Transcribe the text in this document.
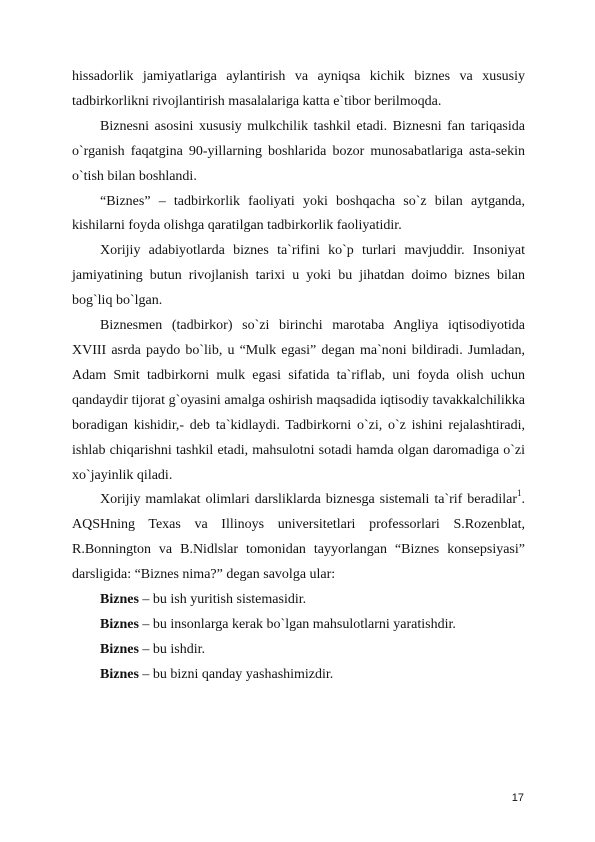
hissadorlik jamiyatlariga aylantirish va ayniqsa kichik biznes va xususiy tadbirkorlikni rivojlantirish masalalariga katta e`tibor berilmoqda.

Biznesni asosini xususiy mulkchilik tashkil etadi. Biznesni fan tariqasida o`rganish faqatgina 90-yillarning boshlarida bozor munosabatlariga asta-sekin o`tish bilan boshlandi.

“Biznes” – tadbirkorlik faoliyati yoki boshqacha so`z bilan aytganda, kishilarni foyda olishga qaratilgan tadbirkorlik faoliyatidir.

Xorijiy adabiyotlarda biznes ta`rifini ko`p turlari mavjuddir. Insoniyat jamiyatining butun rivojlanish tarixi u yoki bu jihatdan doimo biznes bilan bog`liq bo`lgan.

Biznesmen (tadbirkor) so`zi birinchi marotaba Angliya iqtisodiyotida XVIII asrda paydo bo`lib, u “Mulk egasi” degan ma`noni bildiradi. Jumladan, Adam Smit tadbirkorni mulk egasi sifatida ta`riflab, uni foyda olish uchun qandaydir tijorat g`oyasini amalga oshirish maqsadida iqtisodiy tavakkalchilikka boradigan kishidir,- deb ta`kidlaydi. Tadbirkorni o`zi, o`z ishini rejalashtiradi, ishlab chiqarishni tashkil etadi, mahsulotni sotadi hamda olgan daromadiga o`zi xo`jayinlik qiladi.

Xorijiy mamlakat olimlari darsliklarda biznesga sistemali ta`rif beradilar$^1$. AQSHning Texas va Illinoys universitetlari professorlari S.Rozenblat, R.Bonnington va B.Nidlslar tomonidan tayyorlangan “Biznes konsepsiyasi” darsligida: “Biznes nima?” degan savolga ular:

Biznes – bu ish yuritish sistemasidir.

Biznes – bu insonlarga kerak bo`lgan mahsulotlarni yaratishdir.

Biznes – bu ishdir.

Biznes – bu bizni qanday yashashimizdir.

17
